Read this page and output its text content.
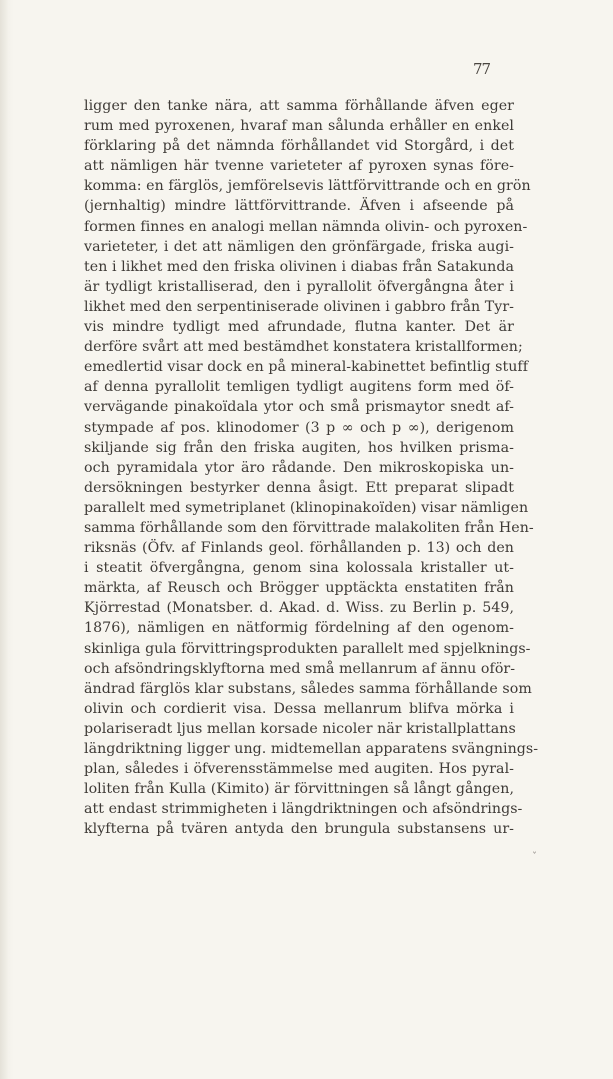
77
ligger den tanke nära, att samma förhållande äfven eger
rum med pyroxenen, hvaraf man sålunda erhåller en enkel
förklaring på det nämnda förhållandet vid Storgård, i det
att nämligen här tvenne varieteter af pyroxen synas före-
komma: en färglös, jemförelsevis lättförvittrande och en grön
(jernhaltig) mindre lättförvittrande. Äfven i afseende på
formen finnes en analogi mellan nämnda olivin- och pyroxen-
varieteter, i det att nämligen den grönfärgade, friska augi-
ten i likhet med den friska olivinen i diabas från Satakunda
är tydligt kristalliserad, den i pyrallolit öfvergångna åter i
likhet med den serpentiniserade olivinen i gabbro från Tyr-
vis mindre tydligt med afrundade, flutna kanter. Det är
derföre svårt att med bestämdhet konstatera kristallformen;
emedlertid visar dock en på mineral-kabinettet befintlig stuff
af denna pyrallolit temligen tydligt augitens form med öf-
vervägande pinakoïdala ytor och små prismaytor snedt af-
stympade af pos. klinodomer (3 p ∞ och p ∞), derigenom
skiljande sig från den friska augiten, hos hvilken prisma-
och pyramidala ytor äro rådande. Den mikroskopiska un-
dersökningen bestyrker denna åsigt. Ett preparat slipadt
parallelt med symetriplanet (klinopinakoïden) visar nämligen
samma förhållande som den förvittrade malakoliten från Hen-
riksnäs (Öfv. af Finlands geol. förhållanden p. 13) och den
i steatit öfvergångna, genom sina kolossala kristaller ut-
märkta, af Reusch och Brögger upptäckta enstatiten från
Kjörrestad (Monatsber. d. Akad. d. Wiss. zu Berlin p. 549,
1876), nämligen en nätformig fördelning af den ogenom-
skinliga gula förvittringsprodukten parallelt med spjelknings-
och afsöndringsklyftorna med små mellanrum af ännu oför-
ändrad färglös klar substans, således samma förhållande som
olivin och cordierit visa. Dessa mellanrum blifva mörka i
polariseradt ljus mellan korsade nicoler när kristallplattans
längdriktning ligger ung. midtemellan apparatens svängnings-
plan, således i öfverensstämmelse med augiten. Hos pyral-
loliten från Kulla (Kimito) är förvittningen så långt gången,
att endast strimmigheten i längdriktningen och afsöndrings-
klyfterna på tvären antyda den brungula substansens ur-
ˇ
